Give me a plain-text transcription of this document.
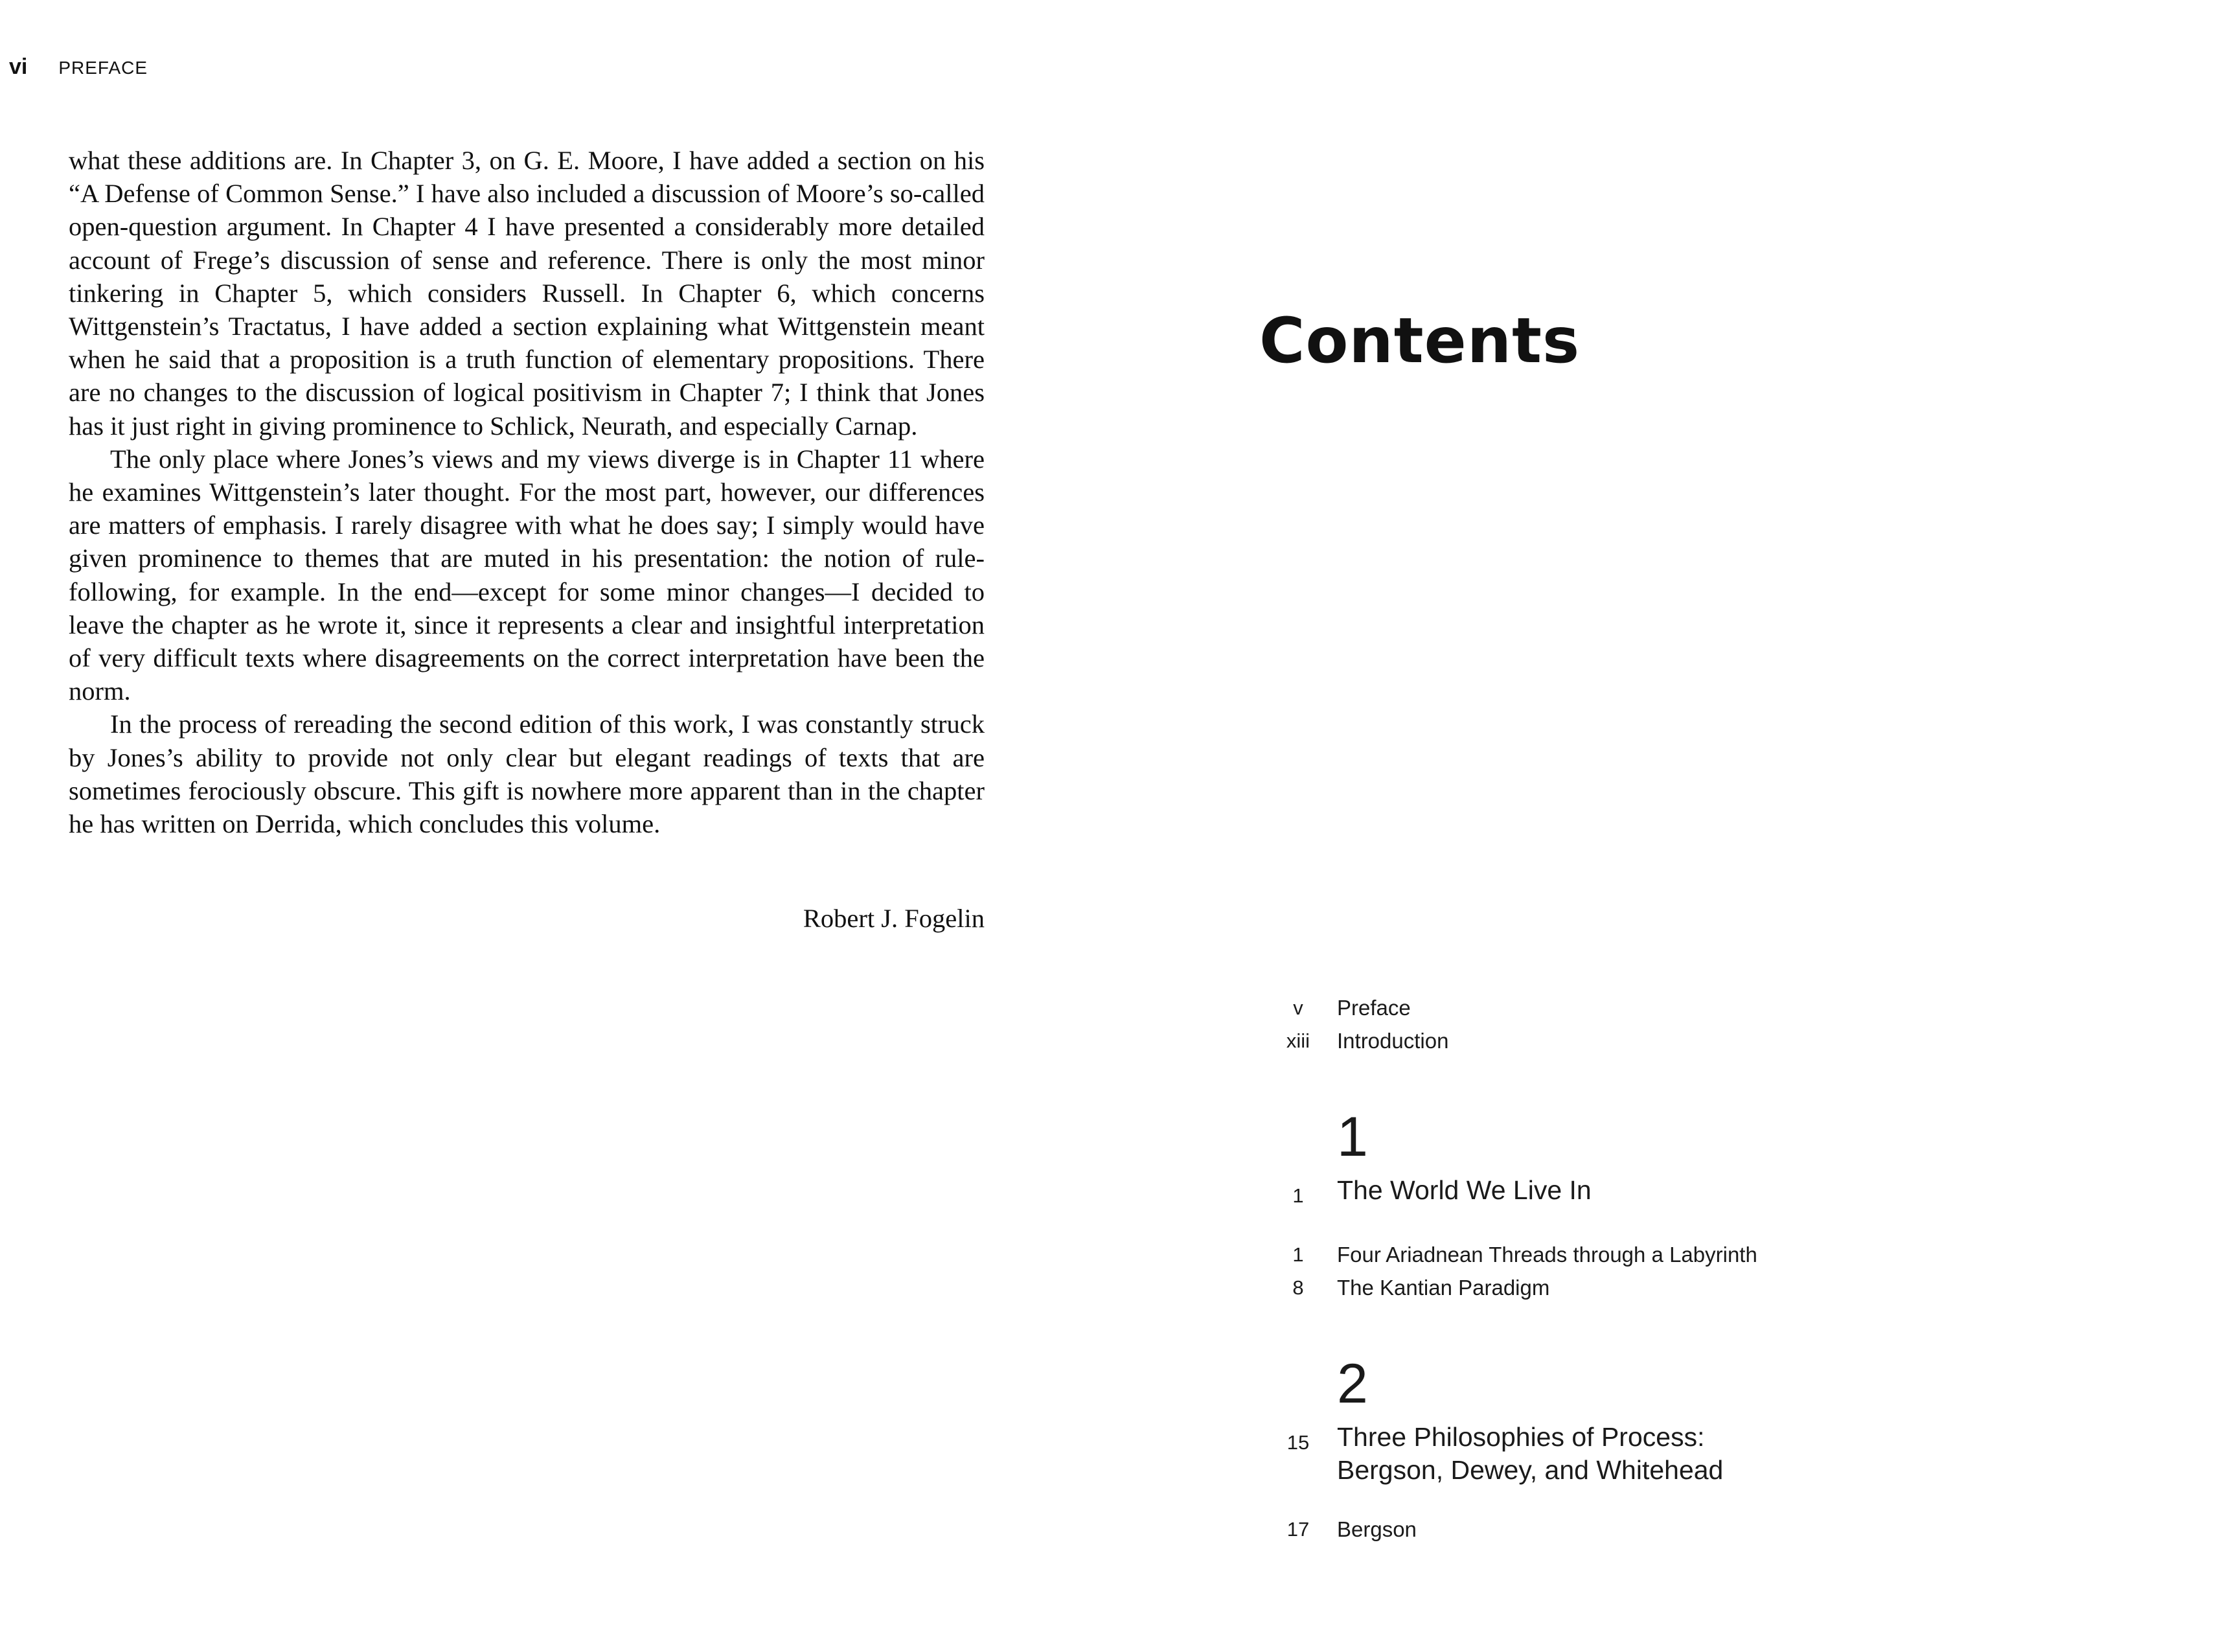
vi PREFACE

what these additions are. In Chapter 3, on G. E. Moore, I have added a section on his “A Defense of Common Sense.” I have also included a discussion of Moore’s so-called open-question argument. In Chapter 4 I have presented a considerably more detailed account of Frege’s discussion of sense and reference. There is only the most minor tinkering in Chapter 5, which considers Russell. In Chapter 6, which concerns Wittgenstein’s Tractatus, I have added a section explaining what Wittgenstein meant when he said that a proposition is a truth function of elementary propositions. There are no changes to the discussion of logical positivism in Chapter 7; I think that Jones has it just right in giving prominence to Schlick, Neurath, and especially Carnap.

The only place where Jones’s views and my views diverge is in Chapter 11 where he examines Wittgenstein’s later thought. For the most part, however, our differences are matters of emphasis. I rarely disagree with what he does say; I simply would have given prominence to themes that are muted in his presentation: the notion of rule-following, for example. In the end—except for some minor changes—I decided to leave the chapter as he wrote it, since it represents a clear and insightful interpretation of very difficult texts where disagreements on the correct interpretation have been the norm.

In the process of rereading the second edition of this work, I was constantly struck by Jones’s ability to provide not only clear but elegant readings of texts that are sometimes ferociously obscure. This gift is nowhere more apparent than in the chapter he has written on Derrida, which concludes this volume.

Robert J. Fogelin
Contents
v	Preface
xiii	Introduction
1
1	The World We Live In
1	Four Ariadnean Threads through a Labyrinth
8	The Kantian Paradigm
2
15	Three Philosophies of Process:
Bergson, Dewey, and Whitehead
17	Bergson
